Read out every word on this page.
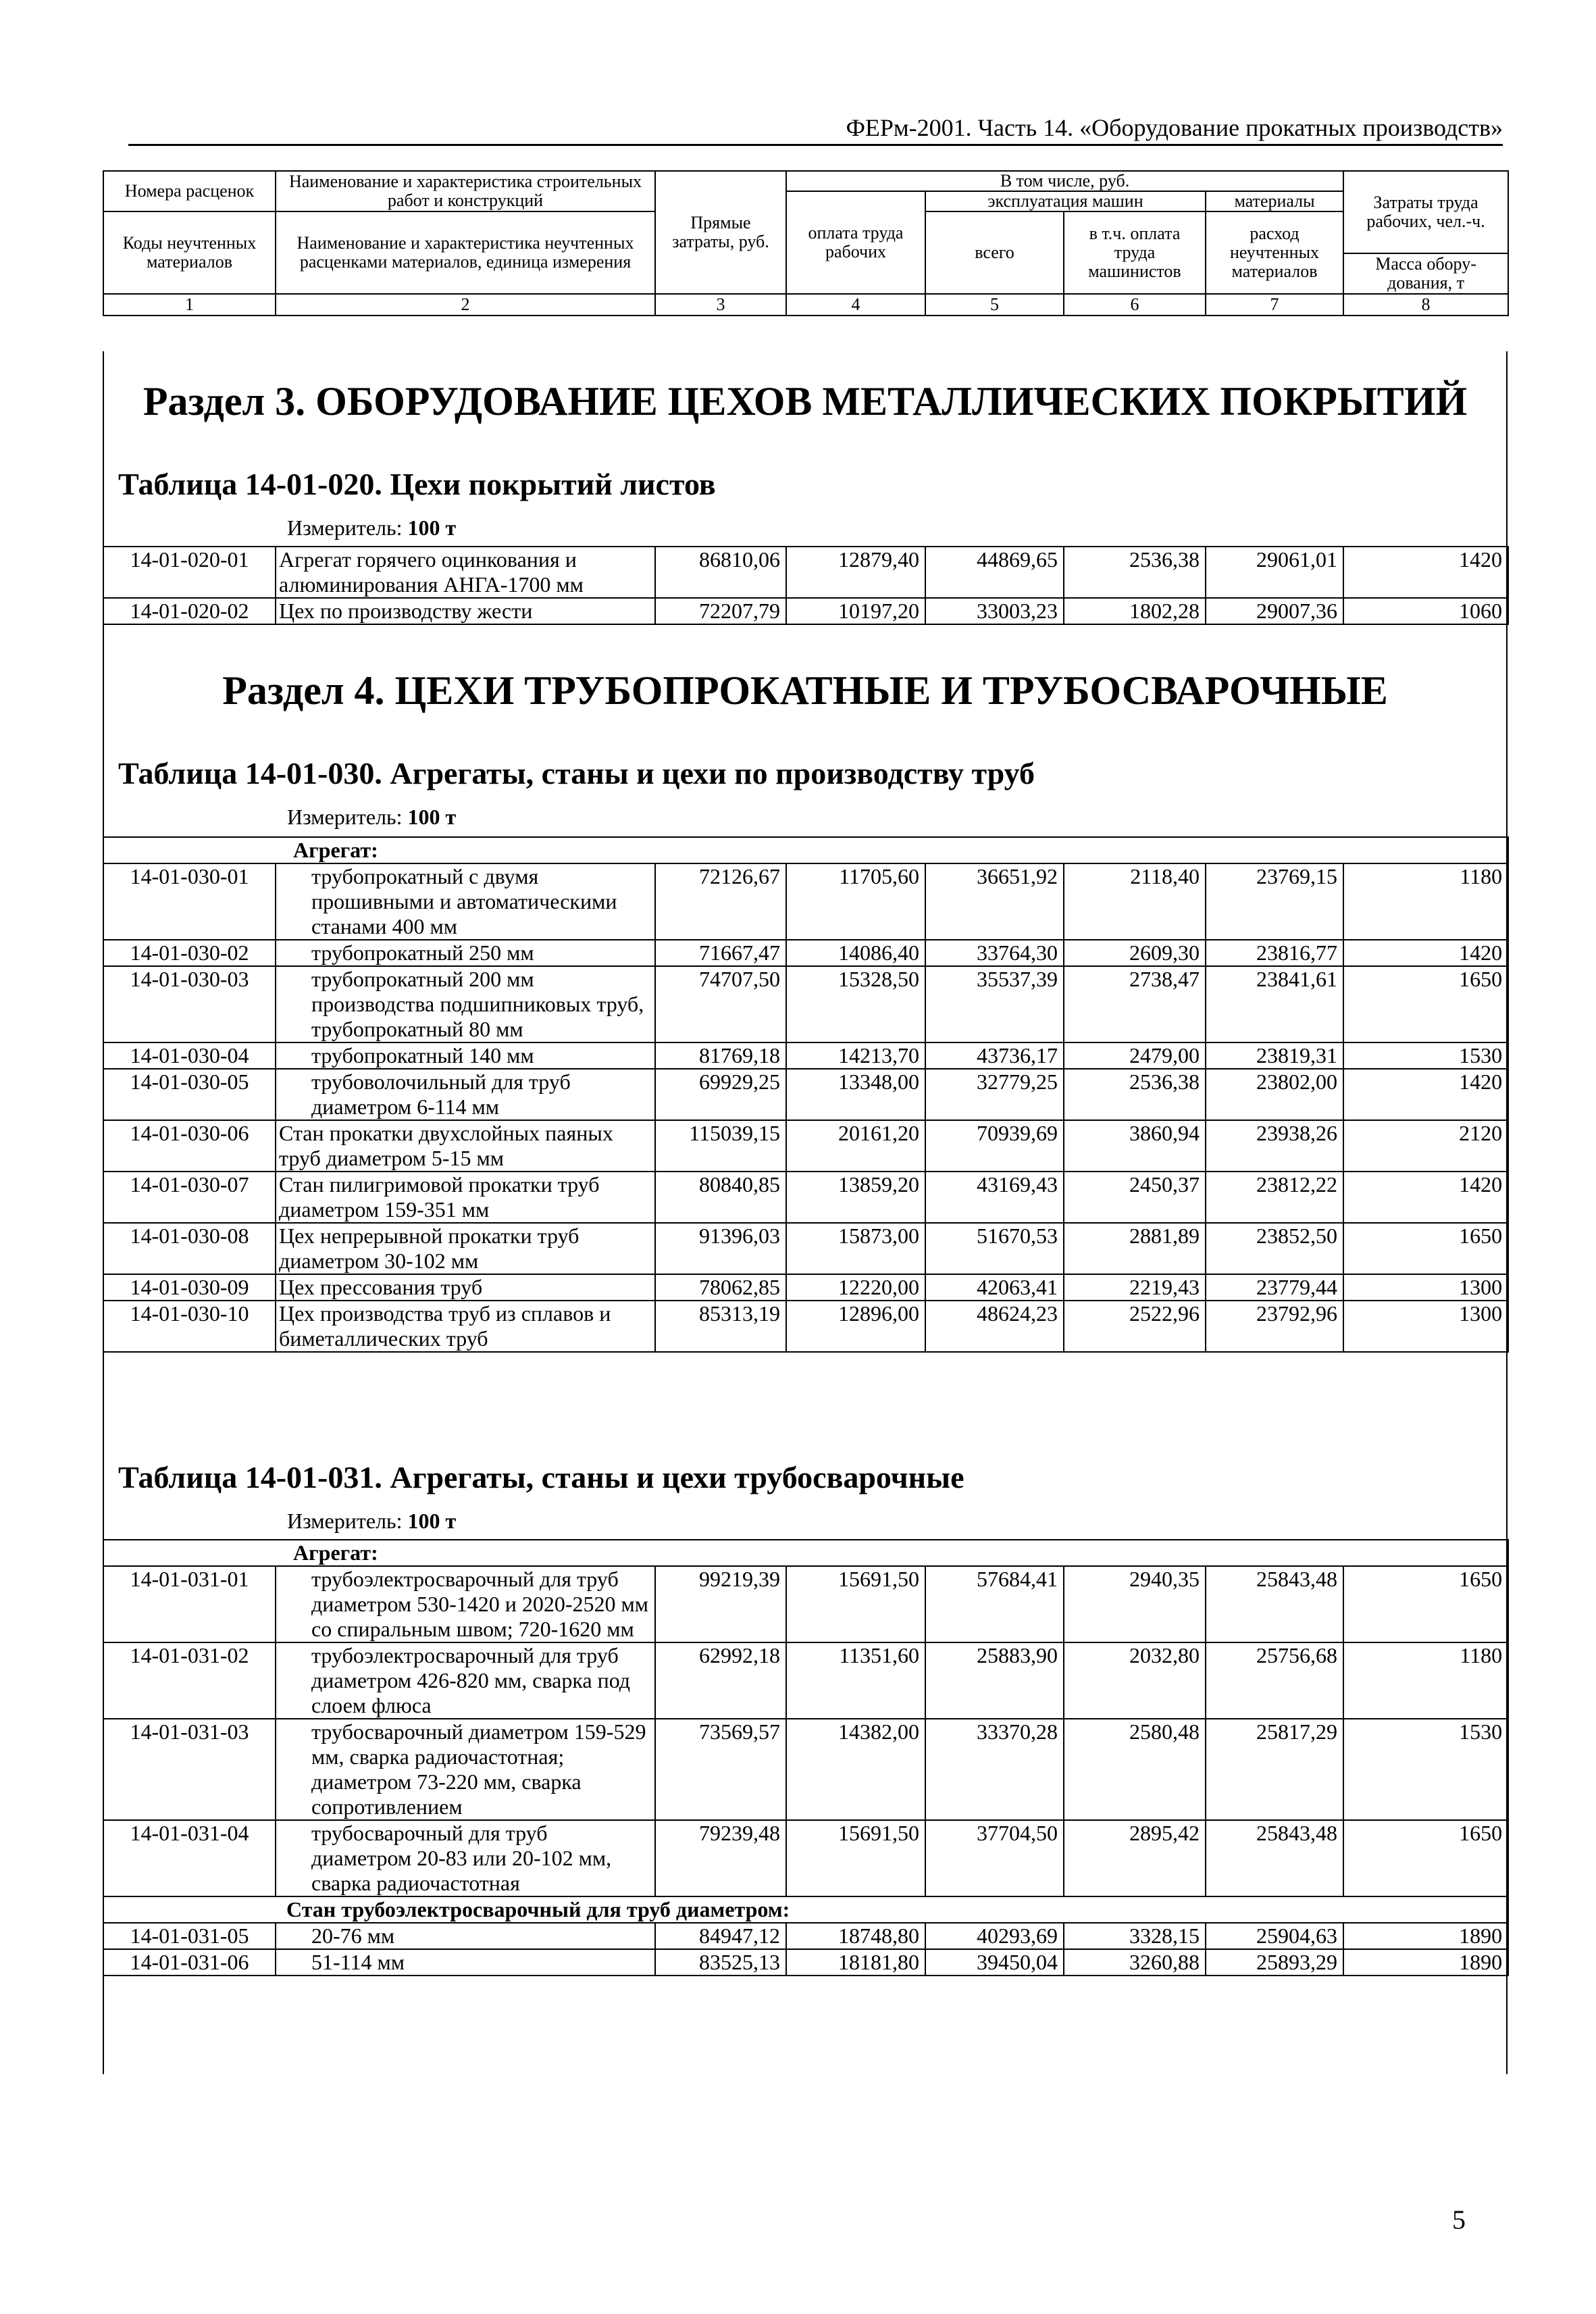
ФЕРм-2001. Часть 14. «Оборудование прокатных производств»
Номера расценок	Наименование и характеристика строительных работ и конструкций	Прямые затраты, руб.	В том числе, руб.				Затраты труда рабочих, чел.-ч.
			оплата труда рабочих	эксплуатация машин		материалы	
Коды неучтенных материалов	Наименование и характеристика неучтенных расценками материалов, единица измерения			всего	в т.ч. оплата труда машинистов	расход неучтенных материалов	
							Масса обору-дования, т
1	2	3	4	5	6	7	8
Раздел 3. ОБОРУДОВАНИЕ ЦЕХОВ МЕТАЛЛИЧЕСКИХ ПОКРЫТИЙ
Таблица 14-01-020. Цехи покрытий листов
Измеритель: 100 т
14-01-020-01	Агрегат горячего оцинкования и алюминирования АНГА-1700 мм	86810,06	12879,40	44869,65	2536,38	29061,01	1420
14-01-020-02	Цех по производству жести	72207,79	10197,20	33003,23	1802,28	29007,36	1060
Раздел 4. ЦЕХИ ТРУБОПРОКАТНЫЕ И ТРУБОСВАРОЧНЫЕ
Таблица 14-01-030. Агрегаты, станы и цехи по производству труб
Измеритель: 100 т
Агрегат:							
14-01-030-01	трубопрокатный с двумя прошивными и автоматическими станами 400 мм	72126,67	11705,60	36651,92	2118,40	23769,15	1180
14-01-030-02	трубопрокатный 250 мм	71667,47	14086,40	33764,30	2609,30	23816,77	1420
14-01-030-03	трубопрокатный 200 мм производства подшипниковых труб, трубопрокатный 80 мм	74707,50	15328,50	35537,39	2738,47	23841,61	1650
14-01-030-04	трубопрокатный 140 мм	81769,18	14213,70	43736,17	2479,00	23819,31	1530
14-01-030-05	трубоволочильный для труб диаметром 6-114 мм	69929,25	13348,00	32779,25	2536,38	23802,00	1420
14-01-030-06	Стан прокатки двухслойных паяных труб диаметром 5-15 мм	115039,15	20161,20	70939,69	3860,94	23938,26	2120
14-01-030-07	Стан пилигримовой прокатки труб диаметром 159-351 мм	80840,85	13859,20	43169,43	2450,37	23812,22	1420
14-01-030-08	Цех непрерывной прокатки труб диаметром 30-102 мм	91396,03	15873,00	51670,53	2881,89	23852,50	1650
14-01-030-09	Цех прессования труб	78062,85	12220,00	42063,41	2219,43	23779,44	1300
14-01-030-10	Цех производства труб из сплавов и биметаллических труб	85313,19	12896,00	48624,23	2522,96	23792,96	1300
Таблица 14-01-031. Агрегаты, станы и цехи трубосварочные
Измеритель: 100 т
Агрегат:							
14-01-031-01	трубоэлектросварочный для труб диаметром 530-1420 и 2020-2520 мм со спиральным швом; 720-1620 мм	99219,39	15691,50	57684,41	2940,35	25843,48	1650
14-01-031-02	трубоэлектросварочный для труб диаметром 426-820 мм, сварка под слоем флюса	62992,18	11351,60	25883,90	2032,80	25756,68	1180
14-01-031-03	трубосварочный диаметром 159-529 мм, сварка радиочастотная; диаметром 73-220 мм, сварка сопротивлением	73569,57	14382,00	33370,28	2580,48	25817,29	1530
14-01-031-04	трубосварочный для труб диаметром 20-83 или 20-102 мм, сварка радиочастотная	79239,48	15691,50	37704,50	2895,42	25843,48	1650
Стан трубоэлектросварочный для труб диаметром:							
14-01-031-05	20-76 мм	84947,12	18748,80	40293,69	3328,15	25904,63	1890
14-01-031-06	51-114 мм	83525,13	18181,80	39450,04	3260,88	25893,29	1890
5
